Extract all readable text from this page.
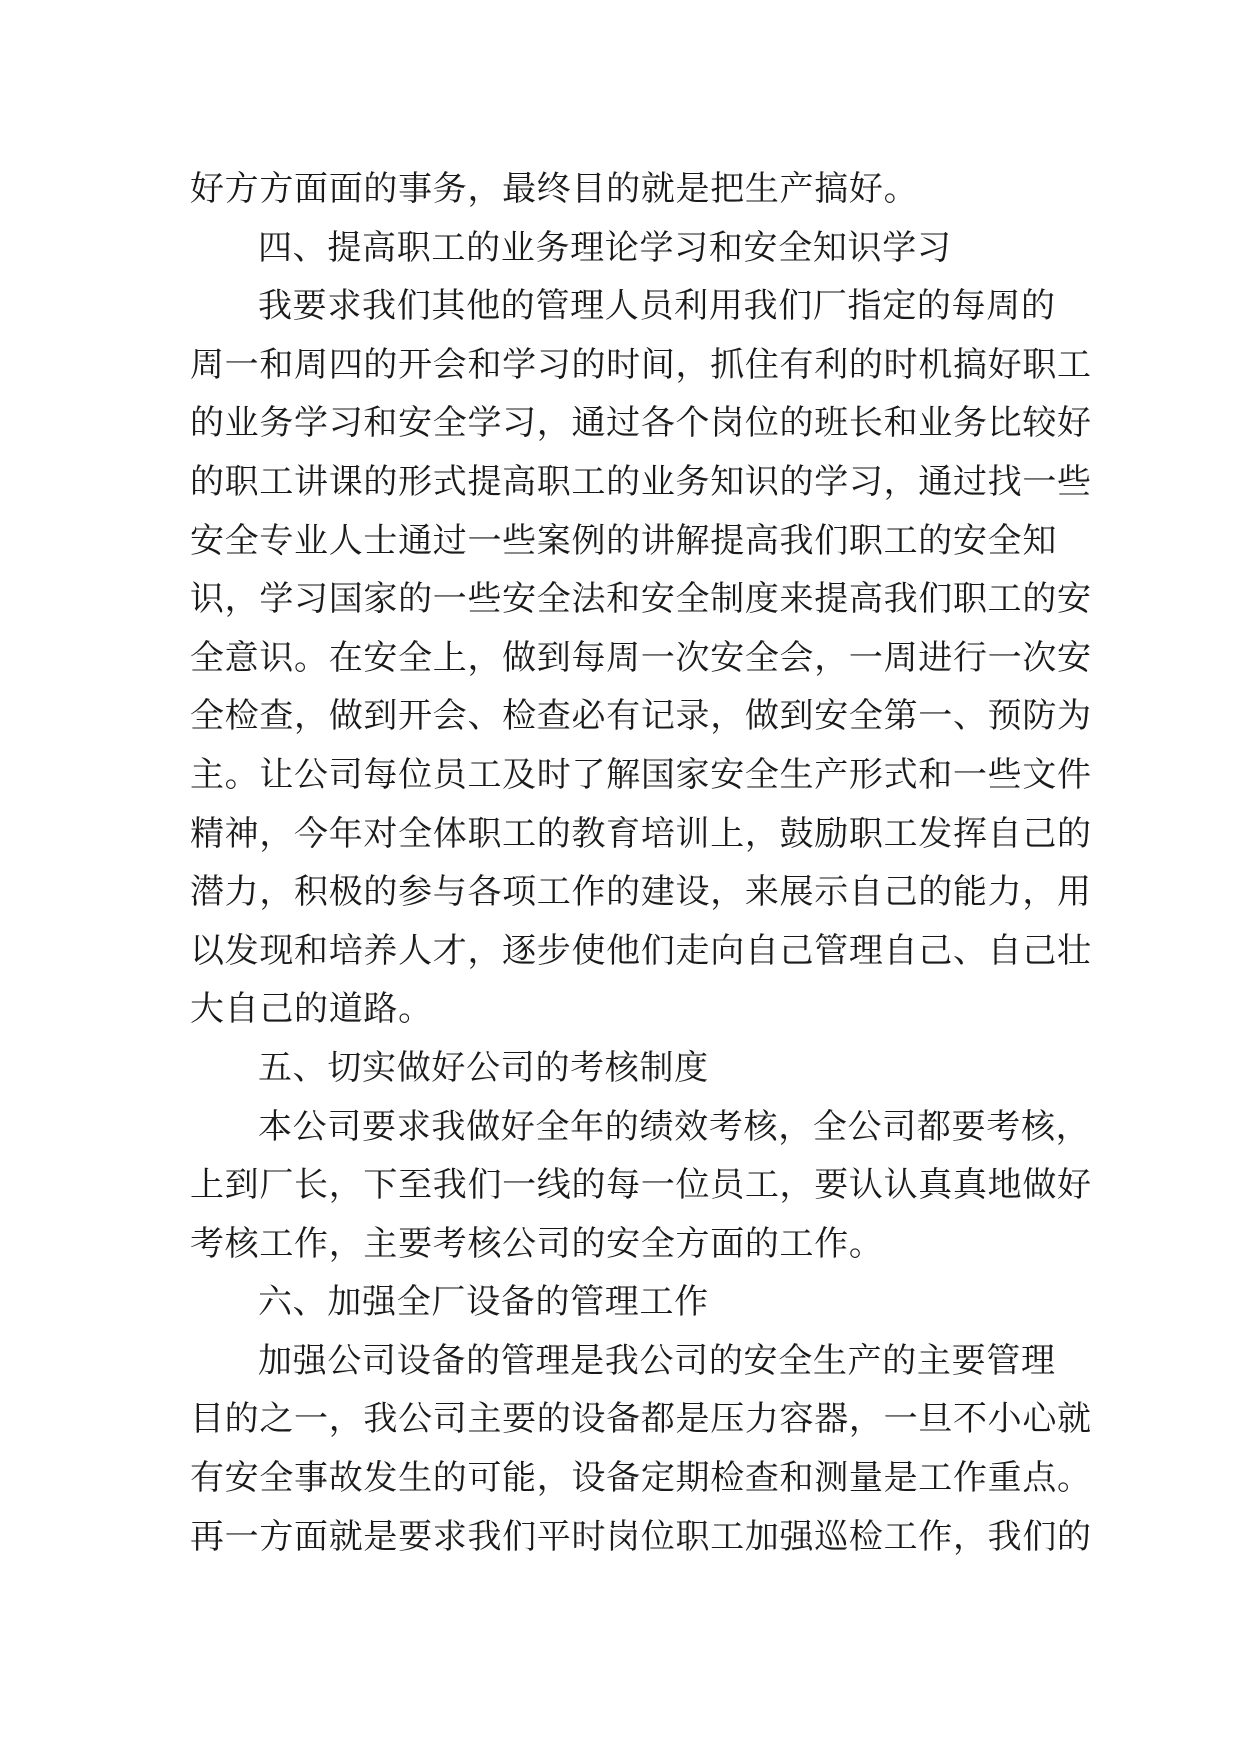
好方方面面的事务，最终目的就是把生产搞好。
四、提高职工的业务理论学习和安全知识学习
我要求我们其他的管理人员利用我们厂指定的每周的
周一和周四的开会和学习的时间，抓住有利的时机搞好职工
的业务学习和安全学习，通过各个岗位的班长和业务比较好
的职工讲课的形式提高职工的业务知识的学习，通过找一些
安全专业人士通过一些案例的讲解提高我们职工的安全知
识，学习国家的一些安全法和安全制度来提高我们职工的安
全意识。在安全上，做到每周一次安全会，一周进行一次安
全检查，做到开会、检查必有记录，做到安全第一、预防为
主。让公司每位员工及时了解国家安全生产形式和一些文件
精神，今年对全体职工的教育培训上，鼓励职工发挥自己的
潜力，积极的参与各项工作的建设，来展示自己的能力，用
以发现和培养人才，逐步使他们走向自己管理自己、自己壮
大自己的道路。
五、切实做好公司的考核制度
本公司要求我做好全年的绩效考核，全公司都要考核，
上到厂长，下至我们一线的每一位员工，要认认真真地做好
考核工作，主要考核公司的安全方面的工作。
六、加强全厂设备的管理工作
加强公司设备的管理是我公司的安全生产的主要管理
目的之一，我公司主要的设备都是压力容器，一旦不小心就
有安全事故发生的可能，设备定期检查和测量是工作重点。
再一方面就是要求我们平时岗位职工加强巡检工作，我们的
